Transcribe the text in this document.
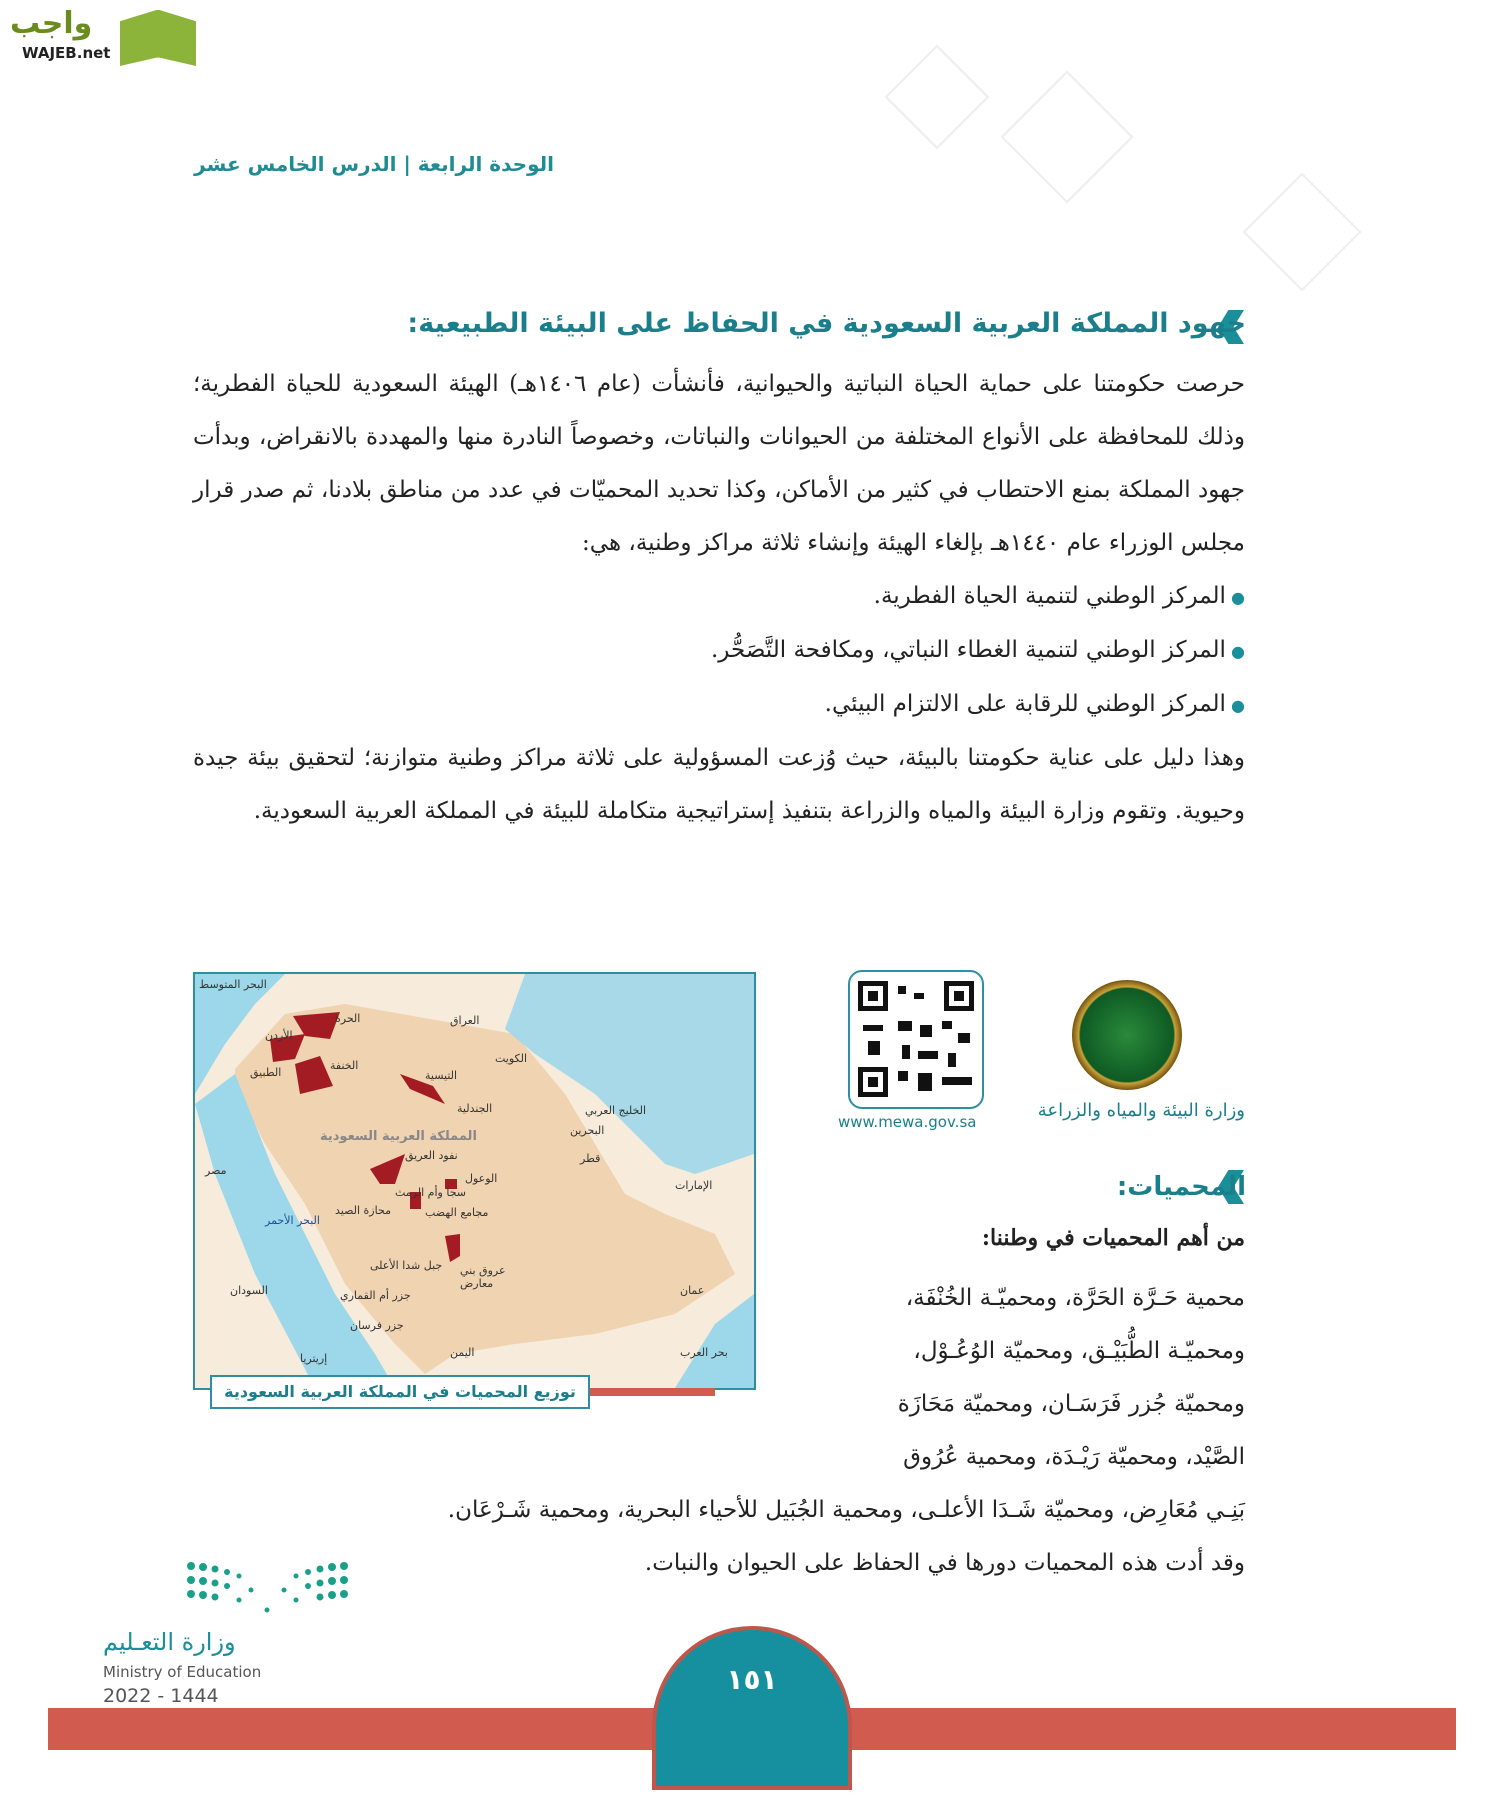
واجب
WAJEB.net
الوحدة الرابعة | الدرس الخامس عشر
جهود المملكة العربية السعودية في الحفاظ على البيئة الطبيعية:

حرصت حكومتنا على حماية الحياة النباتية والحيوانية، فأنشأت (عام ١٤٠٦هـ) الهيئة السعودية للحياة الفطرية؛ وذلك للمحافظة على الأنواع المختلفة من الحيوانات والنباتات، وخصوصاً النادرة منها والمهددة بالانقراض، وبدأت جهود المملكة بمنع الاحتطاب في كثير من الأماكن، وكذا تحديد المحميّات في عدد من مناطق بلادنا، ثم صدر قرار مجلس الوزراء عام ١٤٤٠هـ بإلغاء الهيئة وإنشاء ثلاثة مراكز وطنية، هي:

● المركز الوطني لتنمية الحياة الفطرية.

● المركز الوطني لتنمية الغطاء النباتي، ومكافحة التَّصَحُّر.

● المركز الوطني للرقابة على الالتزام البيئي.

وهذا دليل على عناية حكومتنا بالبيئة، حيث وُزعت المسؤولية على ثلاثة مراكز وطنية متوازنة؛ لتحقيق بيئة جيدة وحيوية. وتقوم وزارة البيئة والمياه والزراعة بتنفيذ إستراتيجية متكاملة للبيئة في المملكة العربية السعودية.

البحر المتوسط
العراق
الأردن
الحرة
الخنفة
الطبيق
الكويت
التيسية
الجندلية
المملكة العربية السعودية
نفود العريق
مصر
الخليج العربي
البحرين
قطر
الإمارات
الوعول
سجا وأم الرمث
محازة الصيد	مجامع الهضب
البحر الأحمر
جبل شدا الأعلى عروق بني معارض
السودان	جزر أم القماري	عمان
جزر فرسان
إريتريا	اليمن	بحر العرب
توزيع المحميات في المملكة العربية السعودية
www.mewa.gov.sa
وزارة البيئة والمياه والزراعة
المحميات:
من أهم المحميات في وطننا:

محمية حَـرَّة الحَرَّة، ومحميّـة الخُنْفَة،

ومحميّـة الطُّبَيْـق، ومحميّة الوُعُـوْل،

ومحميّة جُزر فَرَسَـان، ومحميّة مَحَازَة

الصَّيْد، ومحميّة رَيْـدَة، ومحمية عُرُوق

بَنِـي مُعَارِض، ومحميّة شَـدَا الأعلـى، ومحمية الجُبَيل للأحياء البحرية، ومحمية شَـرْعَان.

وقد أدت هذه المحميات دورها في الحفاظ على الحيوان والنبات.

وزارة التعـليم
Ministry of Education
2022 - 1444	١٥١
